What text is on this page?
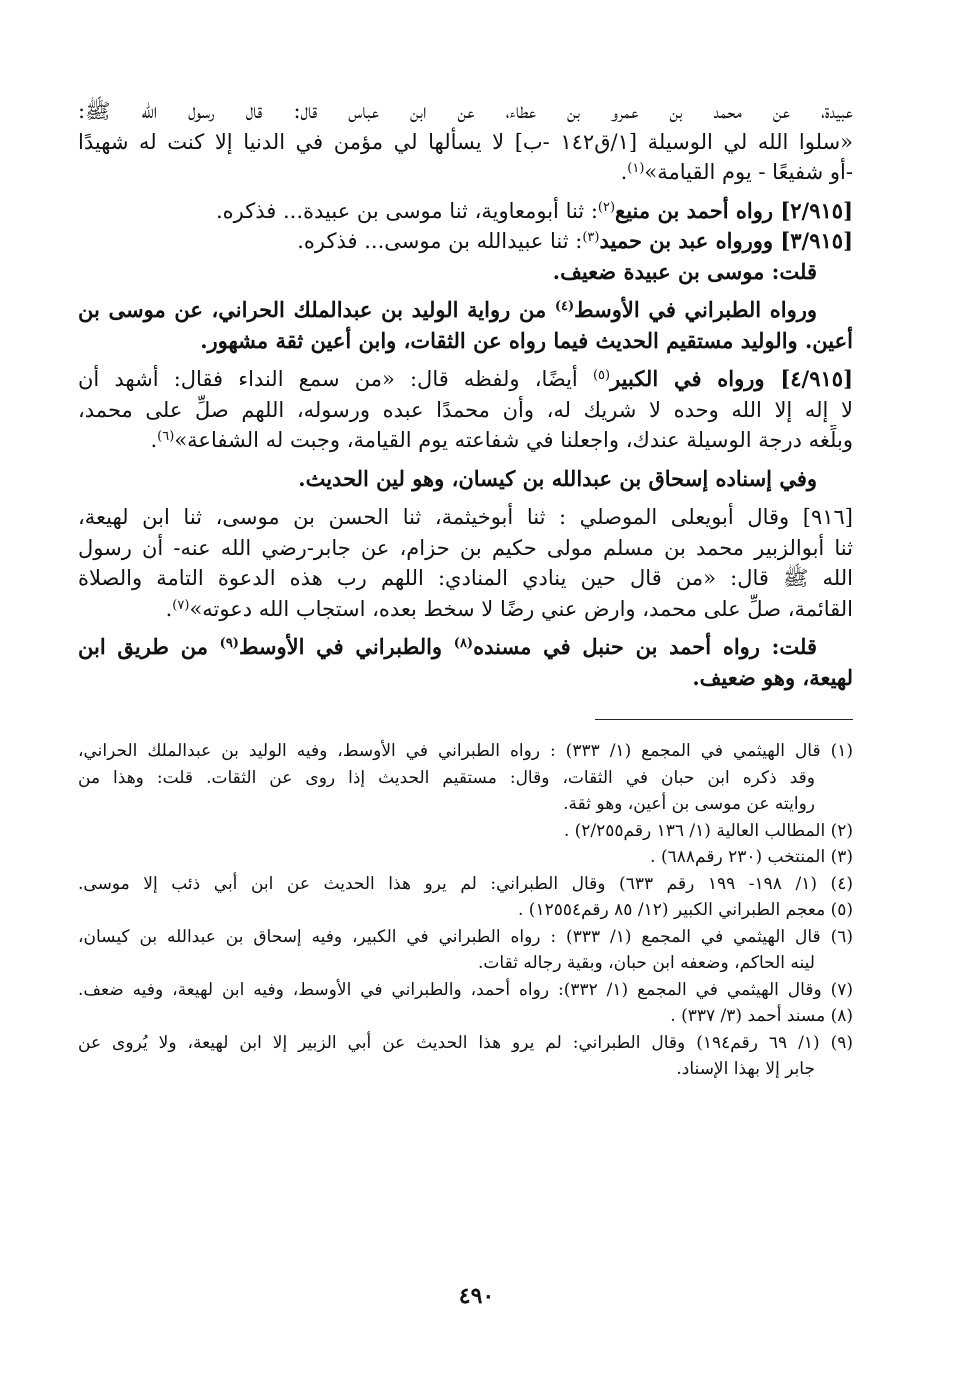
عبيدة، عن محمد بن عمرو بن عطاء، عن ابن عباس قال: قال رسول الله ﷺ:
«سلوا الله لي الوسيلة [١/ق١٤٢ -ب] لا يسألها لي مؤمن في الدنيا إلا كنت له شهيدًا
-أو شفيعًا - يوم القيامة»$^{(١)}$.
[٢/٩١٥] رواه أحمد بن منيع$^{(٢)}$: ثنا أبومعاوية، ثنا موسى بن عبيدة... فذكره.
[٣/٩١٥] وورواه عبد بن حميد$^{(٣)}$: ثنا عبيدالله بن موسى... فذكره.
قلت: موسى بن عبيدة ضعيف.
ورواه الطبراني في الأوسط$^{(٤)}$ من رواية الوليد بن عبدالملك الحراني، عن موسى بن
أعين. والوليد مستقيم الحديث فيما رواه عن الثقات، وابن أعين ثقة مشهور.
[٤/٩١٥] ورواه في الكبير$^{(٥)}$ أيضًا، ولفظه قال: «من سمع النداء فقال: أشهد أن
لا إله إلا الله وحده لا شريك له، وأن محمدًا عبده ورسوله، اللهم صلِّ على محمد،
وبلِّغه درجة الوسيلة عندك، واجعلنا في شفاعته يوم القيامة، وجبت له الشفاعة»$^{(٦)}$.
وفي إسناده إسحاق بن عبدالله بن كيسان، وهو لين الحديث.
[٩١٦] وقال أبويعلى الموصلي : ثنا أبوخيثمة، ثنا الحسن بن موسى، ثنا ابن لهيعة،
ثنا أبوالزبير محمد بن مسلم مولى حكيم بن حزام، عن جابر-رضي الله عنه- أن رسول
الله ﷺ قال: «من قال حين ينادي المنادي: اللهم رب هذه الدعوة التامة والصلاة
القائمة، صلِّ على محمد، وارض عني رضًا لا سخط بعده، استجاب الله دعوته»$^{(٧)}$.
قلت: رواه أحمد بن حنبل في مسنده$^{(٨)}$ والطبراني في الأوسط$^{(٩)}$ من طريق ابن
لهيعة، وهو ضعيف.
(١) قال الهيثمي في المجمع (١/ ٣٣٣) : رواه الطبراني في الأوسط، وفيه الوليد بن عبدالملك الحراني،
وقد ذكره ابن حبان في الثقات، وقال: مستقيم الحديث إذا روى عن الثقات. قلت: وهذا من
روايته عن موسى بن أعين، وهو ثقة.
(٢) المطالب العالية (١/ ١٣٦ رقم٢/٢٥٥) .
(٣) المنتخب (٢٣٠ رقم٦٨٨) .
(٤) (١/ ١٩٨- ١٩٩ رقم ٦٣٣) وقال الطبراني: لم يرو هذا الحديث عن ابن أبي ذئب إلا موسى.
(٥) معجم الطبراني الكبير (١٢/ ٨٥ رقم١٢٥٥٤) .
(٦) قال الهيثمي في المجمع (١/ ٣٣٣) : رواه الطبراني في الكبير، وفيه إسحاق بن عبدالله بن كيسان،
لينه الحاكم، وضعفه ابن حبان، وبقية رجاله ثقات.
(٧) وقال الهيثمي في المجمع (١/ ٣٣٢): رواه أحمد، والطبراني في الأوسط، وفيه ابن لهيعة، وفيه ضعف.
(٨) مسند أحمد (٣/ ٣٣٧) .
(٩) (١/ ٦٩ رقم١٩٤) وقال الطبراني: لم يرو هذا الحديث عن أبي الزبير إلا ابن لهيعة، ولا يُروى عن
جابر إلا بهذا الإسناد.
٤٩٠
